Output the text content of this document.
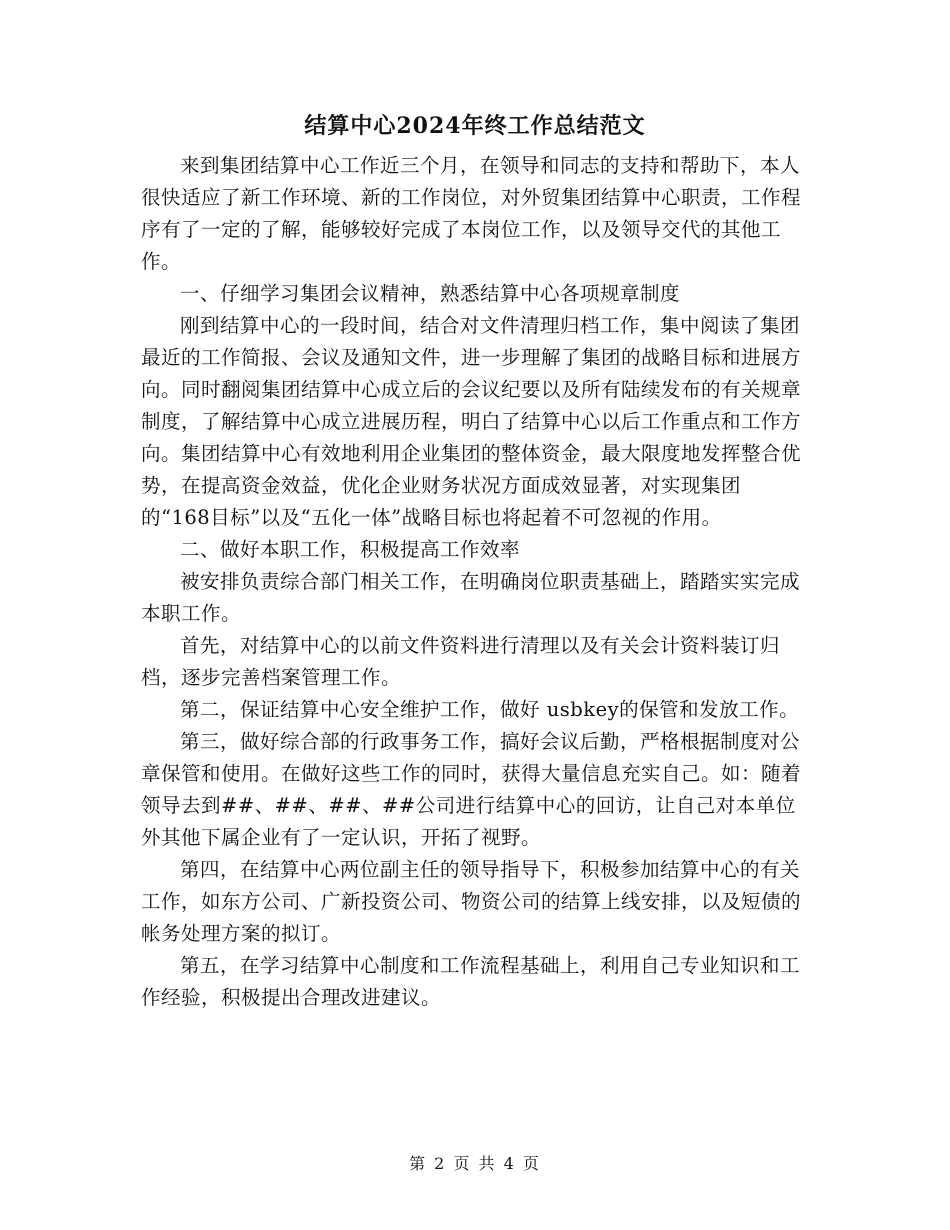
结算中心2024年终工作总结范文

来到集团结算中心工作近三个月，在领导和同志的支持和帮助下，本人很快适应了新工作环境、新的工作岗位，对外贸集团结算中心职责，工作程序有了一定的了解，能够较好完成了本岗位工作，以及领导交代的其他工作。

一、仔细学习集团会议精神，熟悉结算中心各项规章制度

刚到结算中心的一段时间，结合对文件清理归档工作，集中阅读了集团最近的工作简报、会议及通知文件，进一步理解了集团的战略目标和进展方向。同时翻阅集团结算中心成立后的会议纪要以及所有陆续发布的有关规章制度，了解结算中心成立进展历程，明白了结算中心以后工作重点和工作方向。集团结算中心有效地利用企业集团的整体资金，最大限度地发挥整合优势，在提高资金效益，优化企业财务状况方面成效显著，对实现集团的“168目标”以及“五化一体”战略目标也将起着不可忽视的作用。

二、做好本职工作，积极提高工作效率

被安排负责综合部门相关工作，在明确岗位职责基础上，踏踏实实完成本职工作。

首先，对结算中心的以前文件资料进行清理以及有关会计资料装订归档，逐步完善档案管理工作。

第二，保证结算中心安全维护工作，做好 usbkey的保管和发放工作。

第三，做好综合部的行政事务工作，搞好会议后勤，严格根据制度对公章保管和使用。在做好这些工作的同时，获得大量信息充实自己。如：随着领导去到##、##、##、##公司进行结算中心的回访，让自己对本单位外其他下属企业有了一定认识，开拓了视野。

第四，在结算中心两位副主任的领导指导下，积极参加结算中心的有关工作，如东方公司、广新投资公司、物资公司的结算上线安排，以及短债的帐务处理方案的拟订。

第五，在学习结算中心制度和工作流程基础上，利用自己专业知识和工作经验，积极提出合理改进建议。

第 2 页 共 4 页
